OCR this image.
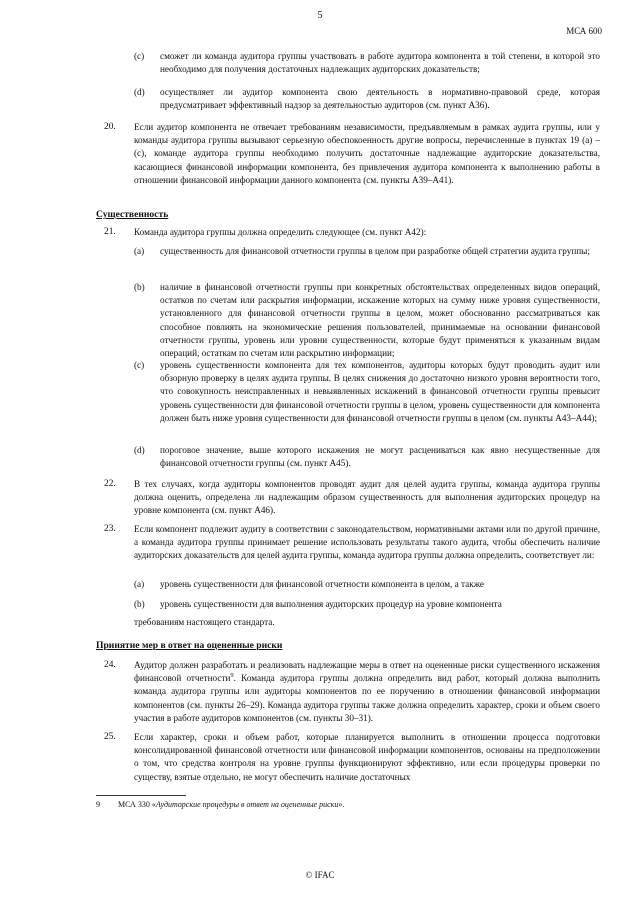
5
МСА 600
(c) сможет ли команда аудитора группы участвовать в работе аудитора компонента в той степени, в которой это необходимо для получения достаточных надлежащих аудиторских доказательств;
(d) осуществляет ли аудитор компонента свою деятельность в нормативно-правовой среде, которая предусматривает эффективный надзор за деятельностью аудиторов (см. пункт A36).
20. Если аудитор компонента не отвечает требованиям независимости, предъявляемым в рамках аудита группы, или у команды аудитора группы вызывают серьезную обеспокоенность другие вопросы, перечисленные в пунктах 19 (a) – (c), команде аудитора группы необходимо получить достаточные надлежащие аудиторские доказательства, касающиеся финансовой информации компонента, без привлечения аудитора компонента к выполнению работы в отношении финансовой информации данного компонента (см. пункты A39–A41).
Существенность
21. Команда аудитора группы должна определить следующее (см. пункт A42):
(a) существенность для финансовой отчетности группы в целом при разработке общей стратегии аудита группы;
(b) наличие в финансовой отчетности группы при конкретных обстоятельствах определенных видов операций, остатков по счетам или раскрытия информации, искажение которых на сумму ниже уровня существенности, установленного для финансовой отчетности группы в целом, может обоснованно рассматриваться как способное повлиять на экономические решения пользователей, принимаемые на основании финансовой отчетности группы, уровень или уровни существенности, которые будут применяться к указанным видам операций, остаткам по счетам или раскрытию информации;
(c) уровень существенности компонента для тех компонентов, аудиторы которых будут проводить аудит или обзорную проверку в целях аудита группы. В целях снижения до достаточно низкого уровня вероятности того, что совокупность неисправленных и невыявленных искажений в финансовой отчетности группы превысит уровень существенности для финансовой отчетности группы в целом, уровень существенности для компонента должен быть ниже уровня существенности для финансовой отчетности группы в целом (см. пункты A43–A44);
(d) пороговое значение, выше которого искажения не могут расцениваться как явно несущественные для финансовой отчетности группы (см. пункт A45).
22. В тех случаях, когда аудиторы компонентов проводят аудит для целей аудита группы, команда аудитора группы должна оценить, определена ли надлежащим образом существенность для выполнения аудиторских процедур на уровне компонента (см. пункт A46).
23. Если компонент подлежит аудиту в соответствии с законодательством, нормативными актами или по другой причине, а команда аудитора группы принимает решение использовать результаты такого аудита, чтобы обеспечить наличие аудиторских доказательств для целей аудита группы, команда аудитора группы должна определить, соответствует ли:
(a) уровень существенности для финансовой отчетности компонента в целом, а также
(b) уровень существенности для выполнения аудиторских процедур на уровне компонента
требованиям настоящего стандарта.
Принятие мер в ответ на оцененные риски
24. Аудитор должен разработать и реализовать надлежащие меры в ответ на оцененные риски существенного искажения финансовой отчетности$^9$. Команда аудитора группы должна определить вид работ, который должна выполнить команда аудитора группы или аудиторы компонентов по ее поручению в отношении финансовой информации компонентов (см. пункты 26–29). Команда аудитора группы также должна определить характер, сроки и объем своего участия в работе аудиторов компонентов (см. пункты 30–31).
25. Если характер, сроки и объем работ, которые планируется выполнить в отношении процесса подготовки консолидированной финансовой отчетности или финансовой информации компонентов, основаны на предположении о том, что средства контроля на уровне группы функционируют эффективно, или если процедуры проверки по существу, взятые отдельно, не могут обеспечить наличие достаточных
9 МСА 330 «Аудиторские процедуры в ответ на оцененные риски».
© IFAC
